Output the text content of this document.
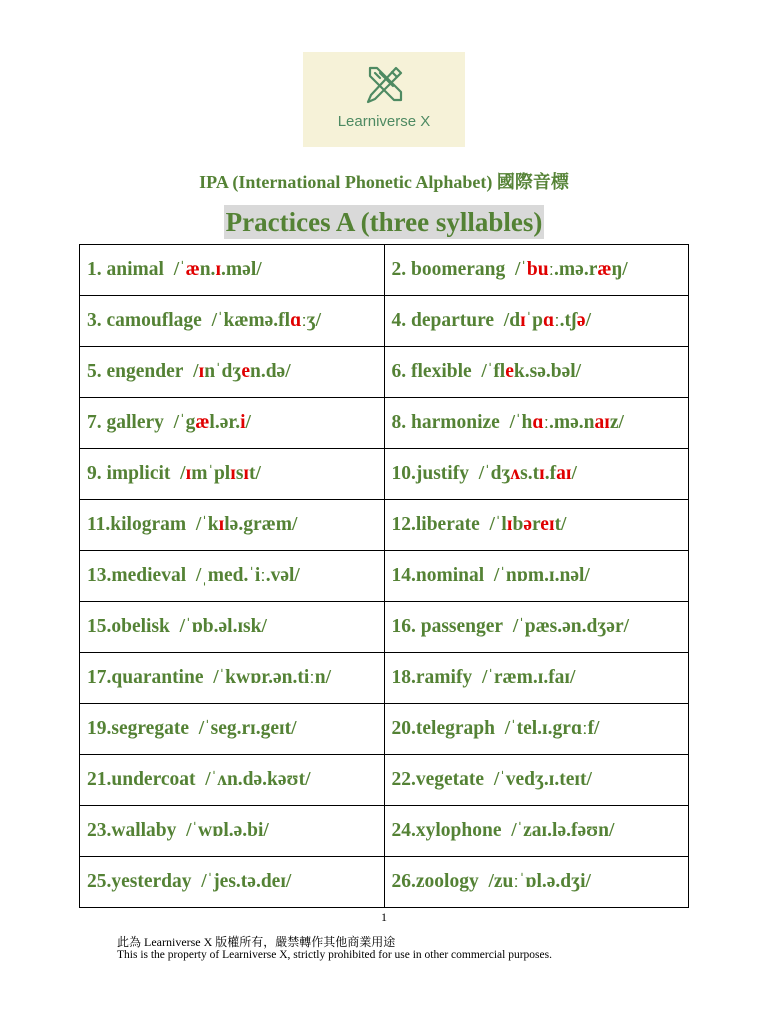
Learniverse X
IPA (International Phonetic Alphabet) 國際音標
Practices A (three syllables)
1. animal /ˈæn.ɪ.məl/	2. boomerang /ˈbuː.mə.ræŋ/
3. camouflage /ˈkæmə.flɑːʒ/	4. departure /dɪˈpɑː.tʃə/
5. engender /ɪnˈdʒen.də/	6. flexible /ˈflek.sə.bəl/
7. gallery /ˈgæl.ər.i/	8. harmonize /ˈhɑː.mə.naɪz/
9. implicit /ɪmˈplɪsɪt/	10.justify /ˈdʒʌs.tɪ.faɪ/
11.kilogram /ˈkɪlə.græm/	12.liberate /ˈlɪbəreɪt/
13.medieval /ˌmed.ˈiː.vəl/	14.nominal /ˈnɒm.ɪ.nəl/
15.obelisk /ˈɒb.əl.ɪsk/	16. passenger /ˈpæs.ən.dʒər/
17.quarantine /ˈkwɒr.ən.tiːn/	18.ramify /ˈræm.ɪ.faɪ/
19.segregate /ˈseg.rɪ.geɪt/	20.telegraph /ˈtel.ɪ.grɑːf/
21.undercoat /ˈʌn.də.kəʊt/	22.vegetate /ˈvedʒ.ɪ.teɪt/
23.wallaby /ˈwɒl.ə.bi/	24.xylophone /ˈzaɪ.lə.fəʊn/
25.yesterday /ˈjes.tə.deɪ/	26.zoology /zuːˈɒl.ə.dʒi/
1
此為 Learniverse X 版權所有，嚴禁轉作其他商業用途
This is the property of Learniverse X, strictly prohibited for use in other commercial purposes.
